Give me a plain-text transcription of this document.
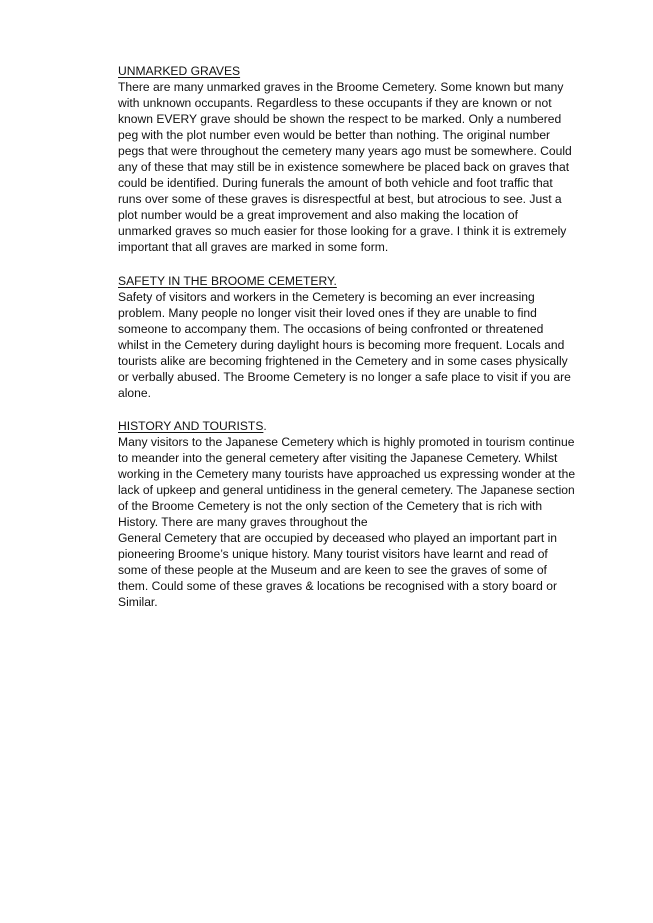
UNMARKED GRAVES
There are many unmarked graves in the Broome Cemetery. Some known but many
with unknown occupants. Regardless to these occupants if they are known or not
known EVERY grave should be shown the respect to be marked. Only a numbered
peg with the plot number even would be better than nothing. The original number
pegs that were throughout the cemetery many years ago must be somewhere. Could
any of these that may still be in existence somewhere be placed back on graves that
could be identified. During funerals the amount of both vehicle and foot traffic that
runs over some of these graves is disrespectful at best, but atrocious to see. Just a
plot number would be a great improvement and also making the location of
unmarked graves so much easier for those looking for a grave. I think it is extremely
important that all graves are marked in some form.
SAFETY IN THE BROOME CEMETERY.
Safety of visitors and workers in the Cemetery is becoming an ever increasing
problem. Many people no longer visit their loved ones if they are unable to find
someone to accompany them. The occasions of being confronted or threatened
whilst in the Cemetery during daylight hours is becoming more frequent. Locals and
tourists alike are becoming frightened in the Cemetery and in some cases physically
or verbally abused. The Broome Cemetery is no longer a safe place to visit if you are
alone.
HISTORY AND TOURISTS.
Many visitors to the Japanese Cemetery which is highly promoted in tourism continue
to meander into the general cemetery after visiting the Japanese Cemetery. Whilst
working in the Cemetery many tourists have approached us expressing wonder at the
lack of upkeep and general untidiness in the general cemetery. The Japanese section
of the Broome Cemetery is not the only section of the Cemetery that is rich with
History. There are many graves throughout the
General Cemetery that are occupied by deceased who played an important part in
pioneering Broome’s unique history. Many tourist visitors have learnt and read of
some of these people at the Museum and are keen to see the graves of some of
them. Could some of these graves & locations be recognised with a story board or
Similar.
